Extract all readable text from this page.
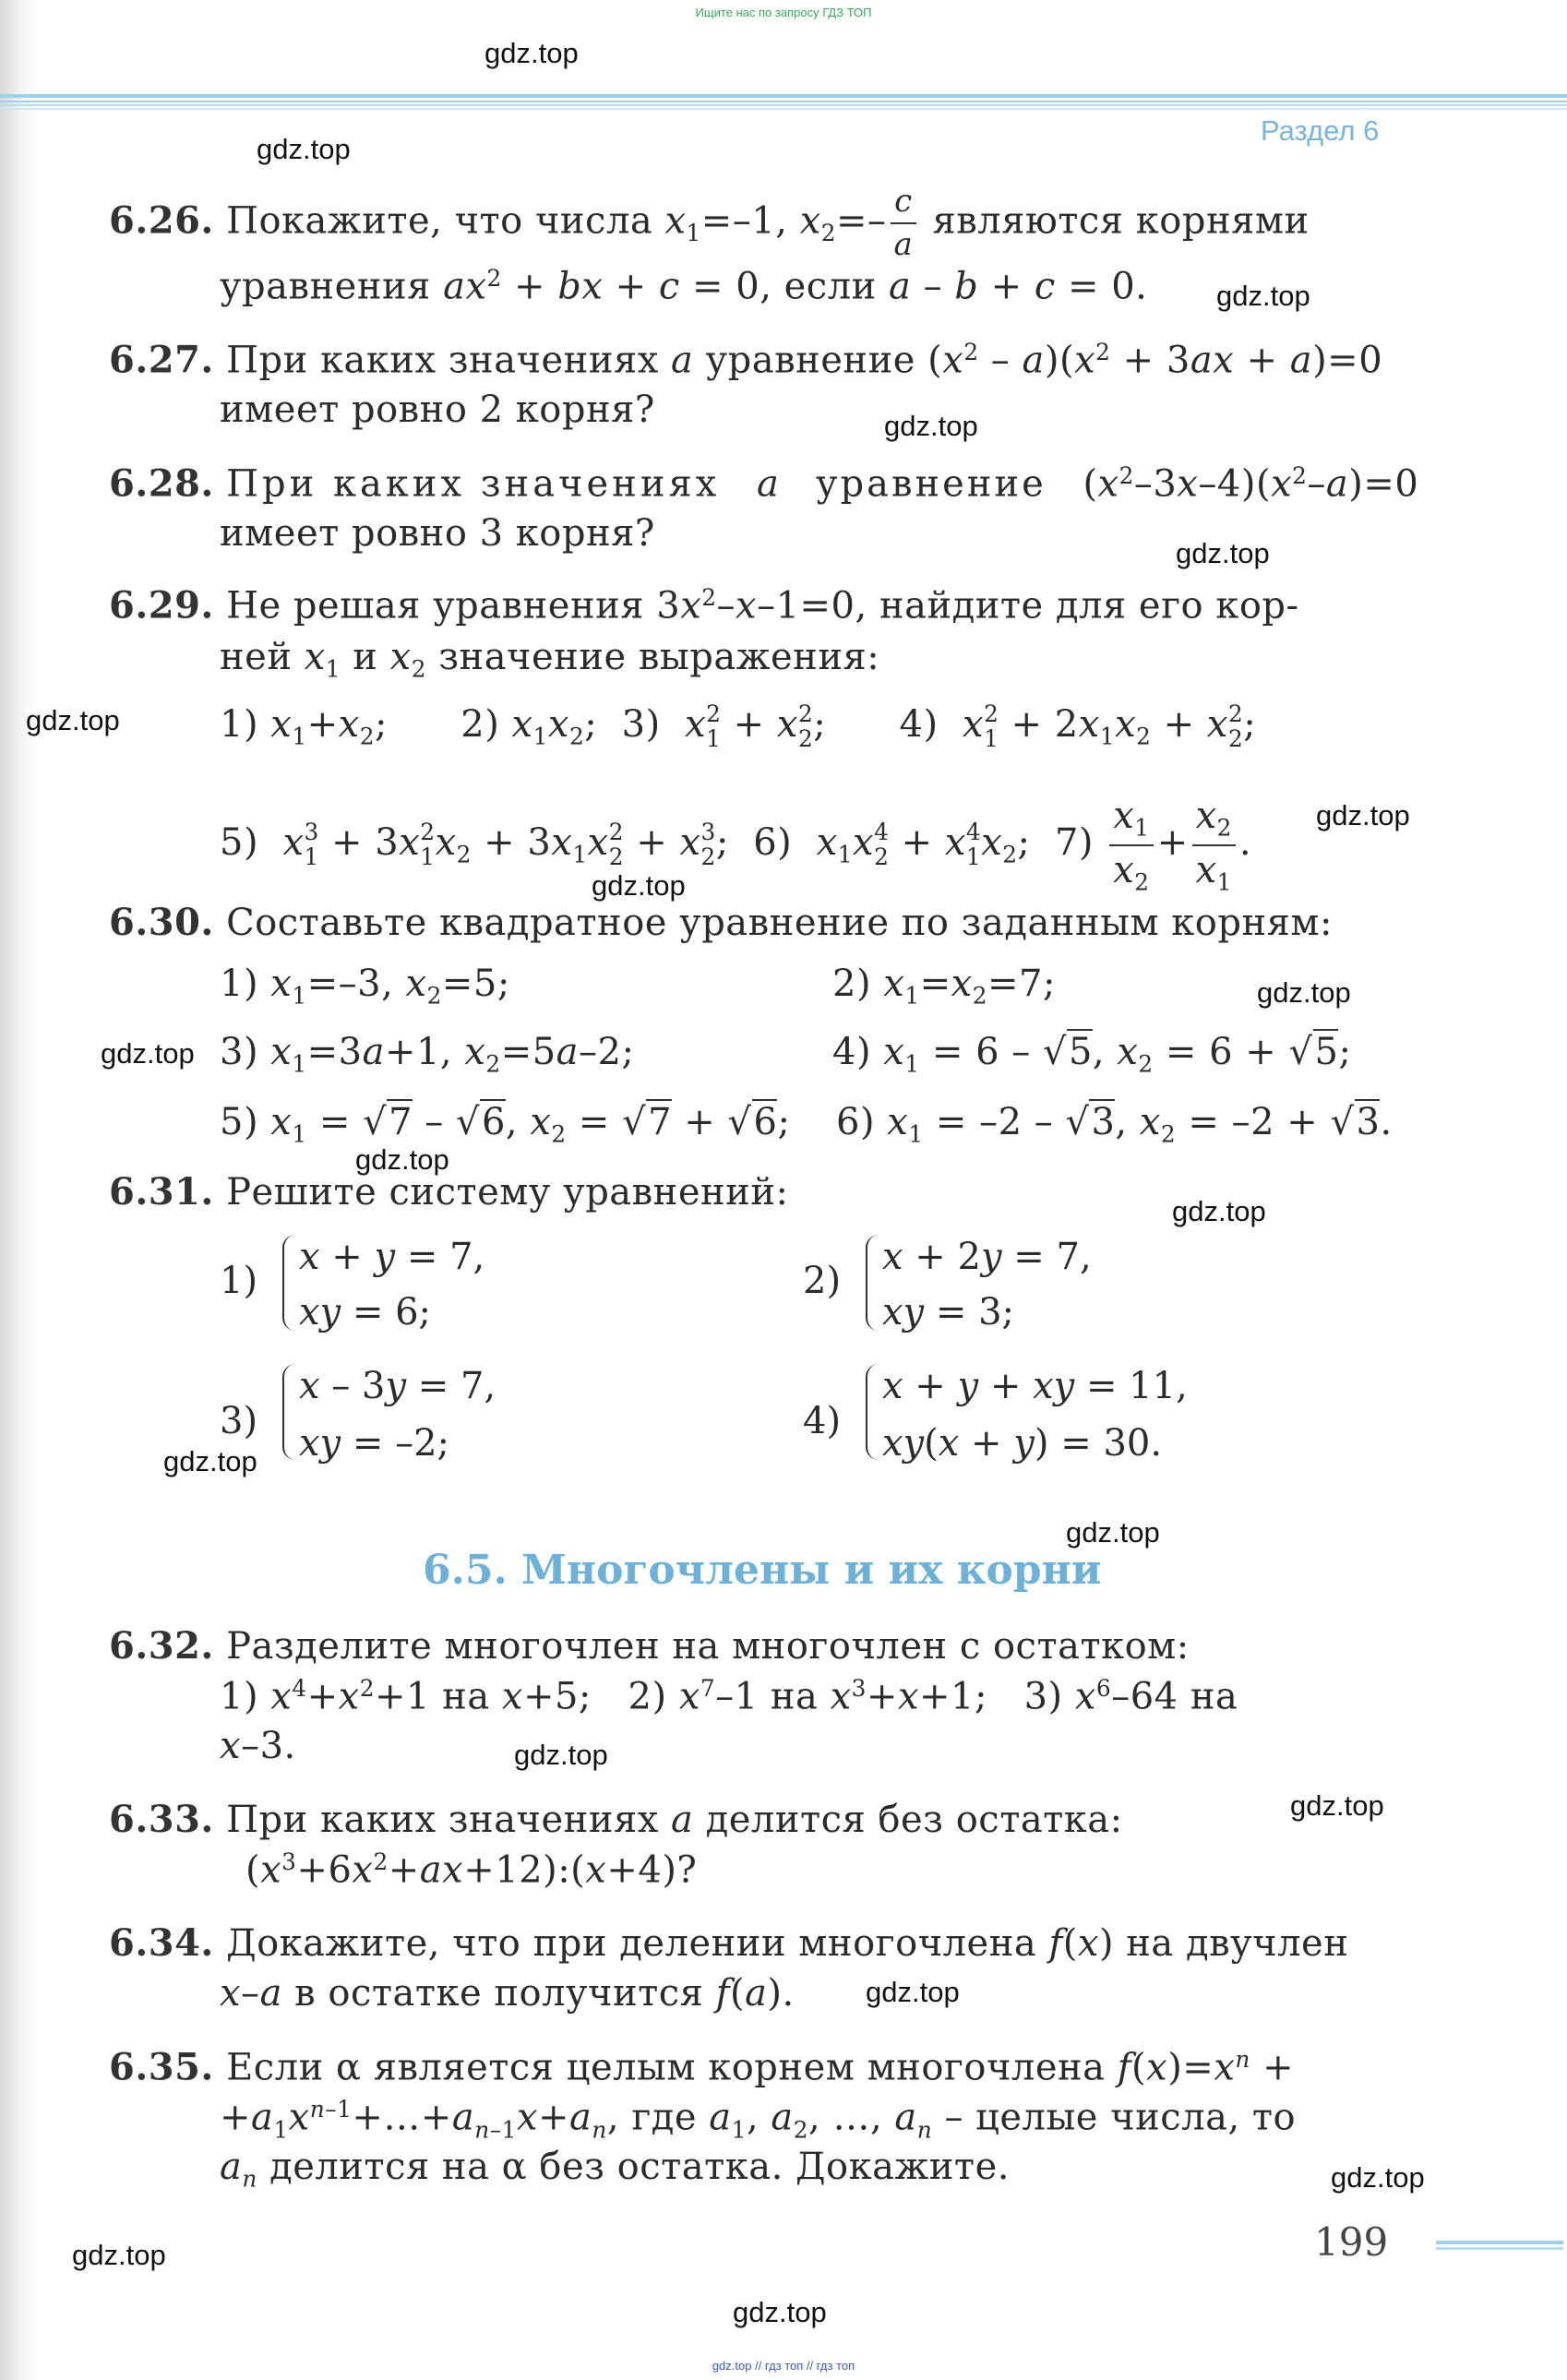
Ищите нас по запросу ГДЗ ТОП
Раздел 6
gdz.top
gdz.top
gdz.top
gdz.top
gdz.top
gdz.top
gdz.top
gdz.top
gdz.top
gdz.top
gdz.top
gdz.top
gdz.top
gdz.top
gdz.top
gdz.top
gdz.top
gdz.top
gdz.top
gdz.top
6.26. Покажите, что числа $x_1=-1$, $x_2=- \frac{c}{a}$ являются корнями
уравнения $ax^2$ + bx + c = 0, если a – b + c = 0.
6.27. При каких значениях a уравнение $(x^2 - a)(x^2 + 3ax + a)=0$
имеет ровно 2 корня?
6.28. При каких значениях a уравнение   $(x^2-3x-4)(x^2-a)=0$
имеет ровно 3 корня?
6.29. Не решая уравнения $3x^2-x-1=0$, найдите для его кор-
ней $x_1$ и $x_2$ значение выражения:
1) $x_1+x_2$;      2) $x_1x_2$;  3)  x 2
1 + x 2
2 ;      4)  x 2
$1 + 2x_1x_2 + x$ 2
2 ;
5)  x 3
1 + 3x 2
1 $x_2 + 3x_1x$ 2
2 + x 3
2 ;  6)  $x_1x$ 4
2 + x 4
1 $x_2$;  $7) \frac{x_1}{x_2} + \frac{x_2}{x_1}$ .
6.30. Составьте квадратное уравнение по заданным корням:
1) $x_1=-3$, $x_2=5$;	2) $x_1=x_2=7$;
3) $x_1=3a+1$, $x_2=5a-2$;	4) $x_1 = 6 - √5$, $x_2 = 6 + √5$;
5) $x_1 = √7 - √6$, $x_2 = √7 + √6$; 6) $x_1 = -2 - √3$, $x_2 = -2 + √3$.
6.31. Решите систему уравнений:
1)
x + y = 7,
xy = 6;
2)
x + 2y = 7,
xy = 3;
3)
x – 3y = 7,
xy = –2;
4)
x + y + xy = 11,
xy(x + y) = 30.
6.5. Многочлены и их корни
6.32. Разделите многочлен на многочлен с остатком:
1) $x^4+x^2+1$ на x+5;   2) $x^7-1$ на $x^3+x+1$;   3) $x^6-64$ на
x–3.
6.33. При каких значениях a делится без остатка:
$(x^3+6x^2+ax+12):(x+4)$?
6.34. Докажите, что при делении многочлена f(x) на двучлен
x–a в остатке получится f(a).
6.35. Если α является целым корнем многочлена $f(x)=x^n$ +
$+a_1x^{n-1}+\dots+a_{n-1}x+a_n$, где $a_1$, $a_2$, …, $a_n$ – целые числа, то
$a_n$ делится на α без остатка. Докажите.
199
gdz.top // гдз топ // гдз топ
